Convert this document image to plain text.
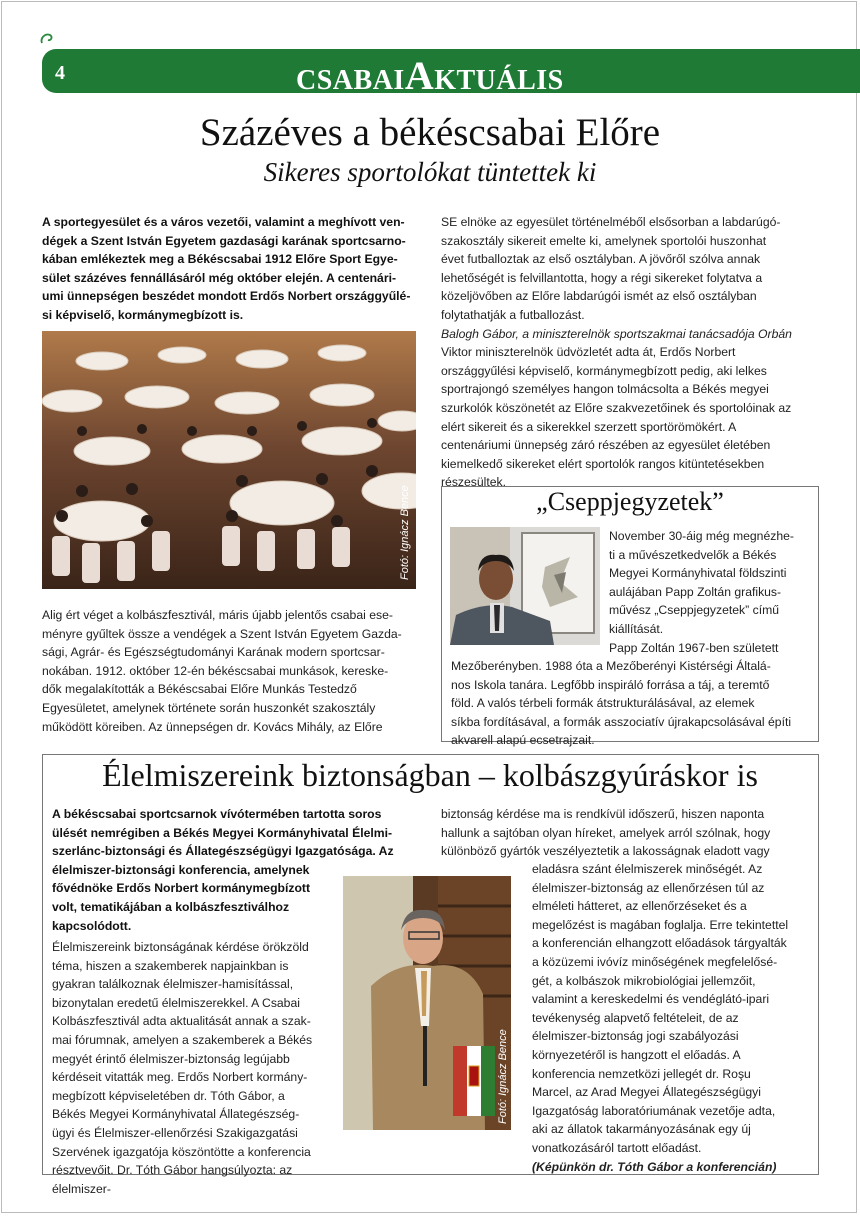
4	CSABAIAKTUÁLIS
Százéves a békéscsabai Előre
Sikeres sportolókat tüntettek ki
A sportegyesület és a város vezetői, valamint a meghívott ven-
dégek a Szent István Egyetem gazdasági karának sportcsarno-
kában emlékeztek meg a Békéscsabai 1912 Előre Sport Egye-
sület százéves fennállásáról még október elején. A centenári-
umi ünnepségen beszédet mondott Erdős Norbert országgyűlé-
si képviselő, kormánymegbízott is.
Fotó: Ignácz Bence
Alig ért véget a kolbászfesztivál, máris újabb jelentős csabai ese-
ményre gyűltek össze a vendégek a Szent István Egyetem Gazda-
sági, Agrár- és Egészségtudományi Karának modern sportcsar-
nokában. 1912. október 12-én békéscsabai munkások, kereske-
dők megalakították a Békéscsabai Előre Munkás Testedző
Egyesületet, amelynek története során huszonkét szakosztály
működött köreiben. Az ünnepségen dr. Kovács Mihály, az Előre
SE elnöke az egyesület történelméből elsősorban a labdarúgó-
szakosztály sikereit emelte ki, amelynek sportolói huszonhat
évet futballoztak az első osztályban. A jövőről szólva annak
lehetőségét is felvillantotta, hogy a régi sikereket folytatva a
közeljövőben az Előre labdarúgói ismét az első osztályban
folytathatják a futballozást.
Balogh Gábor, a miniszterelnök sportszakmai tanácsadója Orbán
Viktor miniszterelnök üdvözletét adta át, Erdős Norbert
országgyűlési képviselő, kormánymegbízott pedig, aki lelkes
sportrajongó személyes hangon tolmácsolta a Békés megyei
szurkolók köszönetét az Előre szakvezetőinek és sportolóinak az
elért sikereit és a sikerekkel szerzett sportörömökért. A
centenáriumi ünnepség záró részében az egyesület életében
kiemelkedő sikereket elért sportolók rangos kitüntetésekben
részesültek.
„Cseppjegyzetek”
November 30-áig még megnézhe-
ti a művészetkedvelők a Békés
Megyei Kormányhivatal földszinti
aulájában Papp Zoltán grafikus-
művész „Cseppjegyzetek” című
kiállítását.
Papp Zoltán 1967-ben született
Mezőberényben. 1988 óta a Mezőberényi Kistérségi Általá-
nos Iskola tanára. Legfőbb inspiráló forrása a táj, a teremtő
föld. A valós térbeli formák átstrukturálásával, az elemek
síkba fordításával, a formák asszociatív újrakapcsolásával építi
akvarell alapú ecsetrajzait.
Élelmiszereink biztonságban – kolbászgyúráskor is
A békéscsabai sportcsarnok vívótermében tartotta soros
ülését nemrégiben a Békés Megyei Kormányhivatal Élelmi-
szerlánc-biztonsági és Állategészségügyi Igazgatósága. Az
élelmiszer-biztonsági konferencia, amelynek
fővédnöke Erdős Norbert kormánymegbízott
volt, tematikájában a kolbászfesztiválhoz
kapcsolódott.
Élelmiszereink biztonságának kérdése örökzöld
téma, hiszen a szakemberek napjainkban is
gyakran találkoznak élelmiszer-hamisítással,
bizonytalan eredetű élelmiszerekkel. A Csabai
Kolbászfesztivál adta aktualitását annak a szak-
mai fórumnak, amelyen a szakemberek a Békés
megyét érintő élelmiszer-biztonság legújabb
kérdéseit vitatták meg. Erdős Norbert kormány-
megbízott képviseletében dr. Tóth Gábor, a
Békés Megyei Kormányhivatal Állategészség-
ügyi és Élelmiszer-ellenőrzési Szakigazgatási
Szervének igazgatója köszöntötte a konferencia
résztvevőit. Dr. Tóth Gábor hangsúlyozta: az élelmiszer-
Fotó: Ignácz Bence
biztonság kérdése ma is rendkívül időszerű, hiszen naponta
hallunk a sajtóban olyan híreket, amelyek arról szólnak, hogy
különböző gyártók veszélyeztetik a lakosságnak eladott vagy
eladásra szánt élelmiszerek minőségét. Az
élelmiszer-biztonság az ellenőrzésen túl az
elméleti hátteret, az ellenőrzéseket és a
megelőzést is magában foglalja. Erre tekintettel
a konferencián elhangzott előadások tárgyalták
a közüzemi ivóvíz minőségének megfelelősé-
gét, a kolbászok mikrobiológiai jellemzőit,
valamint a kereskedelmi és vendéglátó-ipari
tevékenység alapvető feltételeit, de az
élelmiszer-biztonság jogi szabályozási
környezetéről is hangzott el előadás. A
konferencia nemzetközi jellegét dr. Roşu
Marcel, az Arad Megyei Állategészségügyi
Igazgatóság laboratóriumának vezetője adta,
aki az állatok takarmányozásának egy új
vonatkozásáról tartott előadást.
(Képünkön dr. Tóth Gábor a konferencián)
